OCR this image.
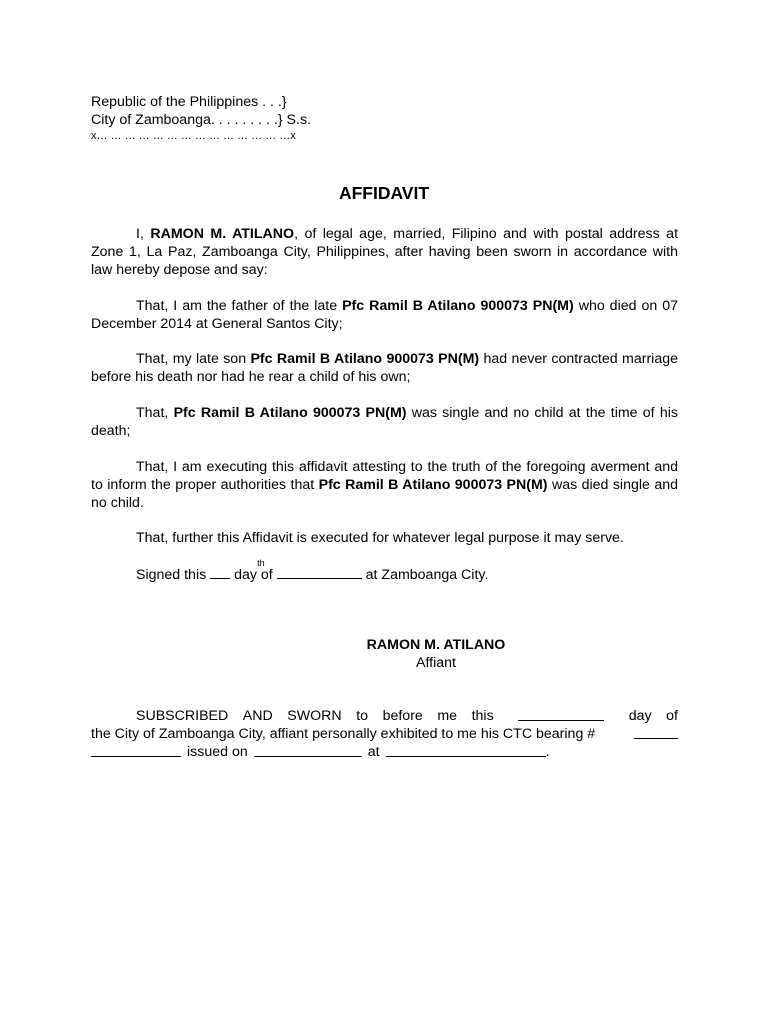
Republic of the Philippines . . .}
City of Zamboanga. . . . . . . . .} S.s.
x… … … … … … … … … … … … … …x
AFFIDAVIT

I, RAMON M. ATILANO, of legal age, married, Filipino and with postal address at Zone 1, La Paz, Zamboanga City, Philippines, after having been sworn in accordance with law hereby depose and say:

That, I am the father of the late Pfc Ramil B Atilano 900073 PN(M) who died on 07 December 2014 at General Santos City;

That, my late son Pfc Ramil B Atilano 900073 PN(M) had never contracted marriage before his death nor had he rear a child of his own;

That, Pfc Ramil B Atilano 900073 PN(M) was single and no child at the time of his death;

That, I am executing this affidavit attesting to the truth of the foregoing averment and to inform the proper authorities that Pfc Ramil B Atilano 900073 PN(M) was died single and no child.

That, further this Affidavit is executed for whatever legal purpose it may serve.

Signed this
th
day of	at Zamboanga City.

RAMON M. ATILANO
Affiant
SUBSCRIBED AND SWORN to before me this	day of
the City of Zamboanga City, affiant personally exhibited to me his CTC bearing #
issued on	at	.
